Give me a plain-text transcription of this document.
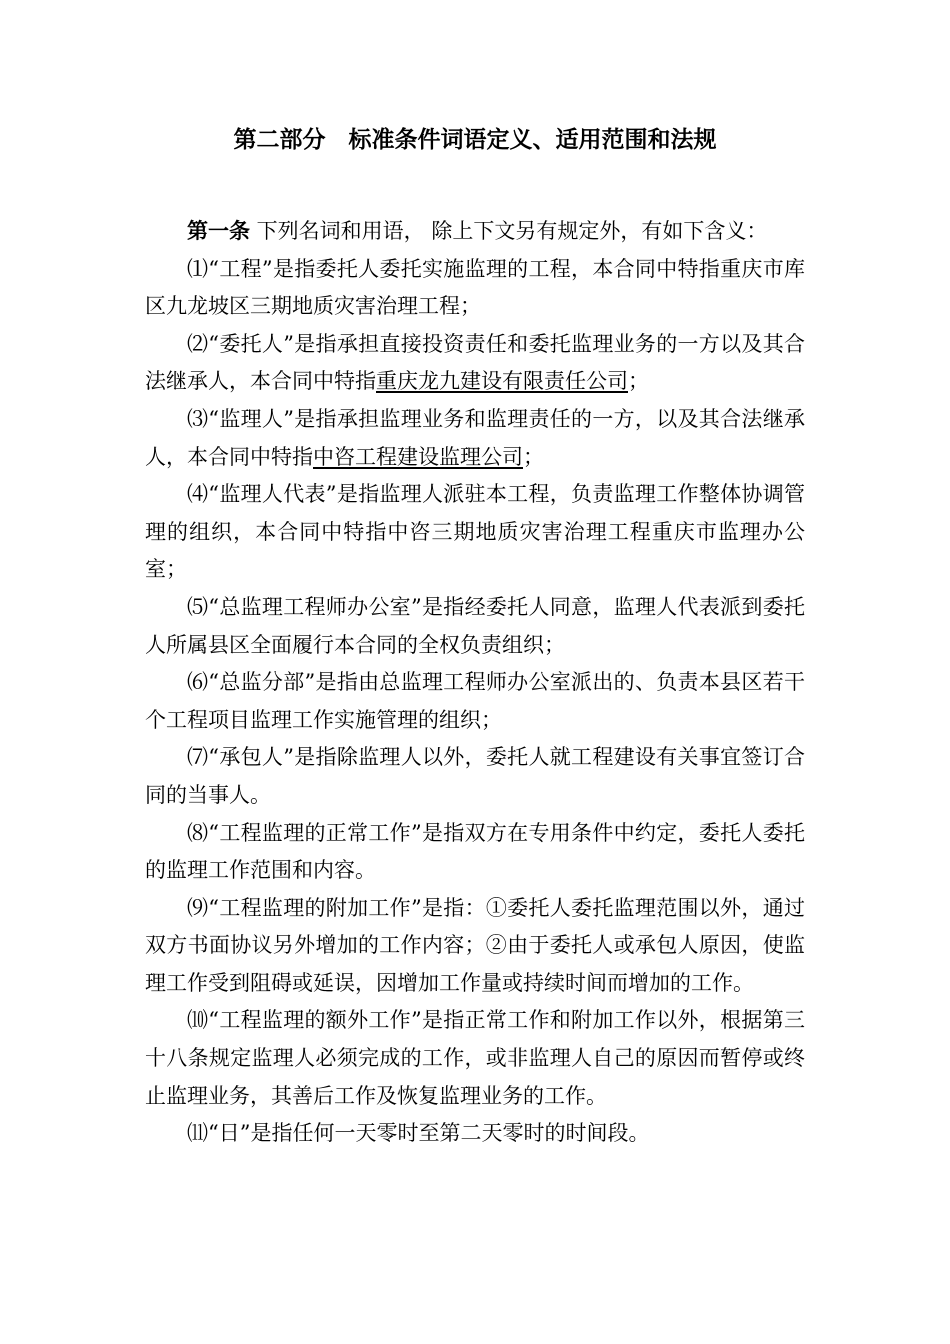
第二部分　标准条件词语定义、适用范围和法规

第一条 下列名词和用语， 除上下文另有规定外，有如下含义：

⑴“工程”是指委托人委托实施监理的工程，本合同中特指重庆市库区九龙坡区三期地质灾害治理工程；

⑵“委托人”是指承担直接投资责任和委托监理业务的一方以及其合法继承人，本合同中特指重庆龙九建设有限责任公司；

⑶“监理人”是指承担监理业务和监理责任的一方，以及其合法继承人，本合同中特指中咨工程建设监理公司；

⑷“监理人代表”是指监理人派驻本工程，负责监理工作整体协调管理的组织，本合同中特指中咨三期地质灾害治理工程重庆市监理办公室；

⑸“总监理工程师办公室”是指经委托人同意，监理人代表派到委托人所属县区全面履行本合同的全权负责组织；

⑹“总监分部”是指由总监理工程师办公室派出的、负责本县区若干个工程项目监理工作实施管理的组织；

⑺“承包人”是指除监理人以外，委托人就工程建设有关事宜签订合同的当事人。

⑻“工程监理的正常工作”是指双方在专用条件中约定，委托人委托的监理工作范围和内容。

⑼“工程监理的附加工作”是指：①委托人委托监理范围以外，通过双方书面协议另外增加的工作内容；②由于委托人或承包人原因，使监理工作受到阻碍或延误，因增加工作量或持续时间而增加的工作。

⑽“工程监理的额外工作”是指正常工作和附加工作以外，根据第三十八条规定监理人必须完成的工作，或非监理人自己的原因而暂停或终止监理业务，其善后工作及恢复监理业务的工作。

⑾“日”是指任何一天零时至第二天零时的时间段。
